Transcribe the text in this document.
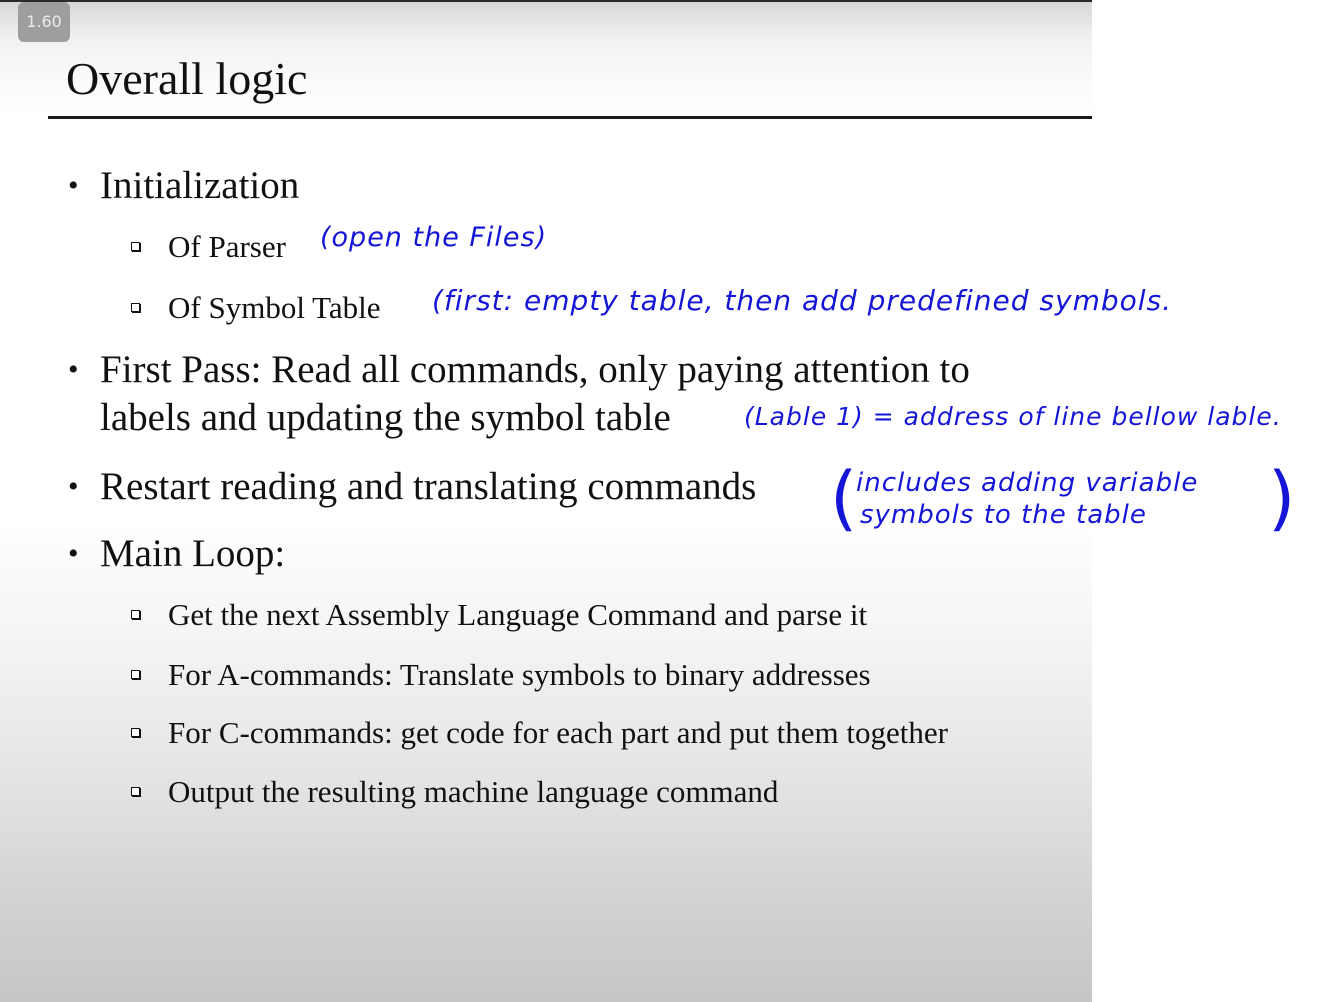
1.60
Overall logic
• Initialization
Of Parser (open the Files)
Of Symbol Table (first: empty table, then add predefined symbols.
• First Pass: Read all commands, only paying attention to
labels and updating the symbol table	(Lable 1) = address of line bellow lable.
• Restart reading and translating commands (
includes adding variable
symbols to the table )
• Main Loop:
Get the next Assembly Language Command and parse it
For A-commands: Translate symbols to binary addresses
For C-commands: get code for each part and put them together
Output the resulting machine language command
